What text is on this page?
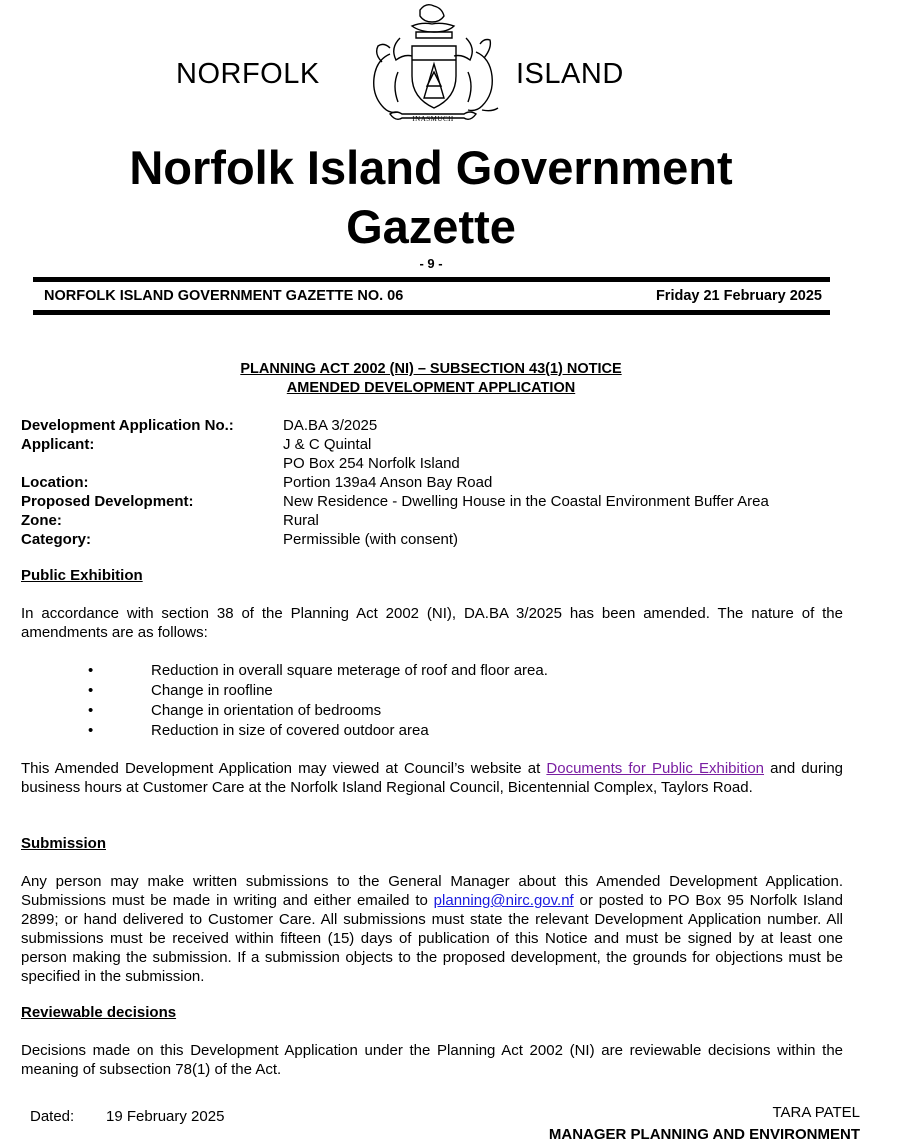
NORFOLK
INASMUCH
ISLAND
Norfolk Island Government
Gazette
- 9 -
NORFOLK ISLAND GOVERNMENT GAZETTE NO. 06	Friday 21 February 2025
PLANNING ACT 2002 (NI) – SUBSECTION 43(1) NOTICE
AMENDED DEVELOPMENT APPLICATION
Development Application No.:	DA.BA 3/2025
Applicant:	J & C Quintal
PO Box 254 Norfolk Island
Location:	Portion 139a4 Anson Bay Road
Proposed Development:	New Residence - Dwelling House in the Coastal Environment Buffer Area
Zone:	Rural
Category:	Permissible (with consent)
Public Exhibition
In accordance with section 38 of the Planning Act 2002 (NI), DA.BA 3/2025 has been amended. The nature of the amendments are as follows:
•	Reduction in overall square meterage of roof and floor area.
•	Change in roofline
•	Change in orientation of bedrooms
•	Reduction in size of covered outdoor area
This Amended Development Application may viewed at Council’s website at Documents for Public Exhibition and during business hours at Customer Care at the Norfolk Island Regional Council, Bicentennial Complex, Taylors Road.
Submission
Any person may make written submissions to the General Manager about this Amended Development Application. Submissions must be made in writing and either emailed to planning@nirc.gov.nf or posted to PO Box 95 Norfolk Island 2899; or hand delivered to Customer Care. All submissions must state the relevant Development Application number. All submissions must be received within fifteen (15) days of publication of this Notice and must be signed by at least one person making the submission. If a submission objects to the proposed development, the grounds for objections must be specified in the submission.
Reviewable decisions
Decisions made on this Development Application under the Planning Act 2002 (NI) are reviewable decisions within the meaning of subsection 78(1) of the Act.
Dated:	19 February 2025	TARA PATEL
MANAGER PLANNING AND ENVIRONMENT
